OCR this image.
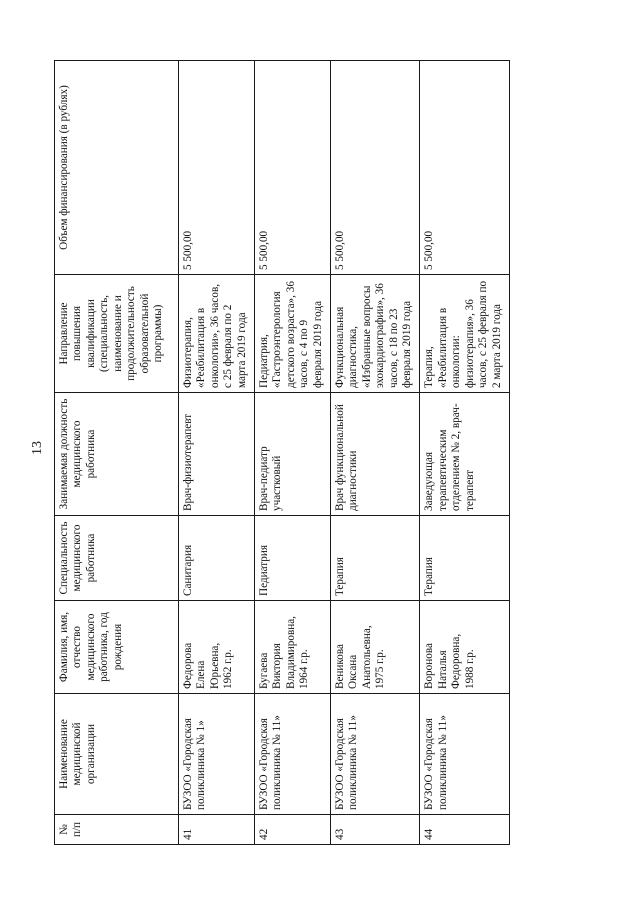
13
№ п/п	Наименование медицинской организации	Фамилия, имя, отчество медицинского работника, год рождения	Специальность медицинского работника	Занимаемая должность медицинского работника	Направление повышения квалификации (специальность, наименование и продолжительность образовательной программы)	Объем финансирования (в рублях)
41	БУЗОО «Городская поликлиника № 1»	Федорова
Елена
Юрьевна,
1962 г.р.	Санитария	Врач-физиотерапевт	Физиотерапия, «Реабилитация в онкологии», 36 часов, с 25 февраля по 2 марта 2019 года	5 500,00
42	БУЗОО «Городская поликлиника № 11»	Бугаева
Виктория
Владимировна,
1964 г.р.	Педиатрия	Врач-педиатр участковый	Педиатрия, «Гастроэнтерология детского возраста», 36 часов, с 4 по 9 февраля 2019 года	5 500,00
43	БУЗОО «Городская поликлиника № 11»	Веникова
Оксана
Анатольевна,
1975 г.р.	Терапия	Врач функциональной диагностики	Функциональная диагностика, «Избранные вопросы эхокардиографии», 36 часов, с 18 по 23 февраля 2019 года	5 500,00
44	БУЗОО «Городская поликлиника № 11»	Воронова
Наталья
Федоровна,
1988 г.р.	Терапия	Заведующая терапевтическим отделением № 2, врач-терапевт	Терапия, «Реабилитация в онкологии: физиотерапия», 36 часов, с 25 февраля по 2 марта 2019 года	5 500,00
